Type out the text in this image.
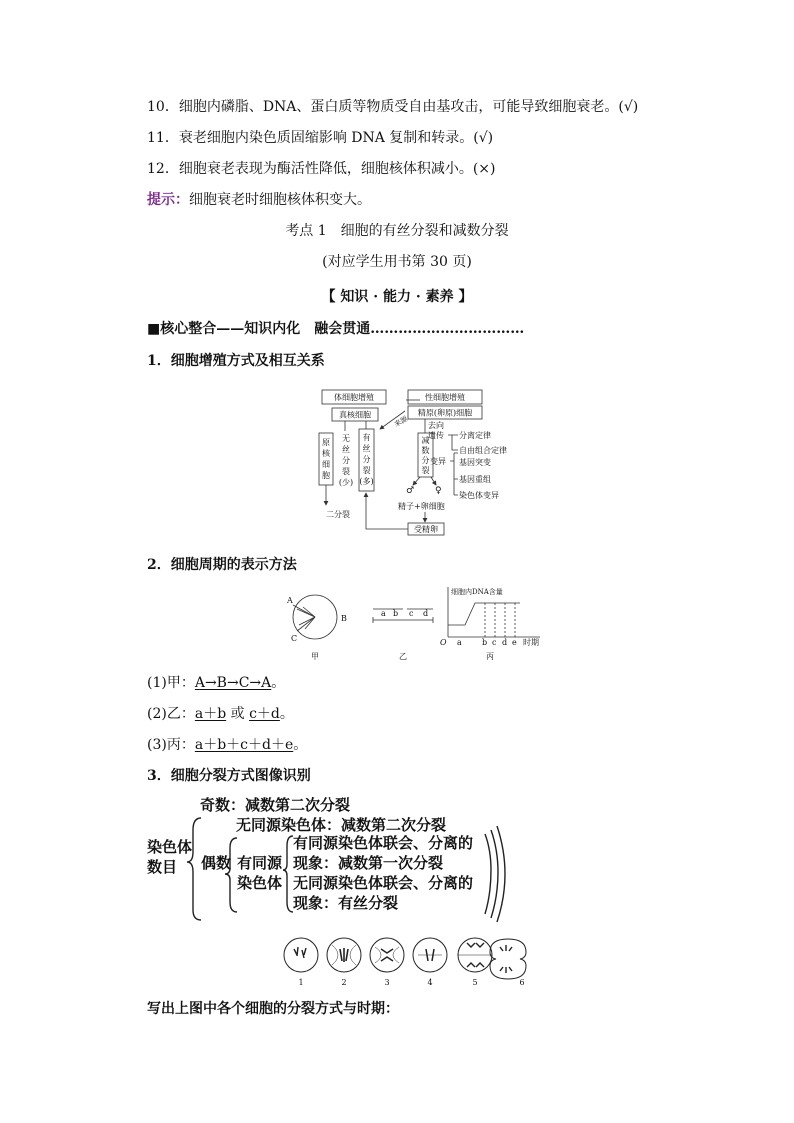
10．细胞内磷脂、DNA、蛋白质等物质受自由基攻击，可能导致细胞衰老。(√)
11．衰老细胞内染色质固缩影响 DNA 复制和转录。(√)
12．细胞衰老表现为酶活性降低，细胞核体积减小。(×)
提示：细胞衰老时细胞核体积变大。
考点 1　细胞的有丝分裂和减数分裂
(对应学生用书第 30 页)
【 知识 · 能力 · 素养 】
■核心整合——知识内化　融会贯通……………………………
1．细胞增殖方式及相互关系
体细胞增殖
真核细胞
原
核
细
胞
二分裂
无
丝
分
裂
(少)
有
丝
分
裂
(多)
来源
性细胞增殖
精原(卵原)细胞
减
数
分
裂
去向
遗传
变异
分离定律
自由组合定律
基因突变
基因重组
染色体变异
♂ ♀
精子+卵细胞
受精卵
2．细胞周期的表示方法
A
B
C
甲
a b c d
乙
细胞内DNA含量
O a	b c d e 时期
丙
(1)甲：A→B→C→A。
(2)乙：a＋b 或 c＋d。
(3)丙：a＋b＋c＋d＋e。
3．细胞分裂方式图像识别
奇数：减数第二次分裂
无同源染色体：减数第二次分裂
染色体
数目 偶数 有同源
染色体
有同源染色体联会、分离的
现象：减数第一次分裂
无同源染色体联会、分离的
现象：有丝分裂
1	2	3	4	5	6
写出上图中各个细胞的分裂方式与时期：
